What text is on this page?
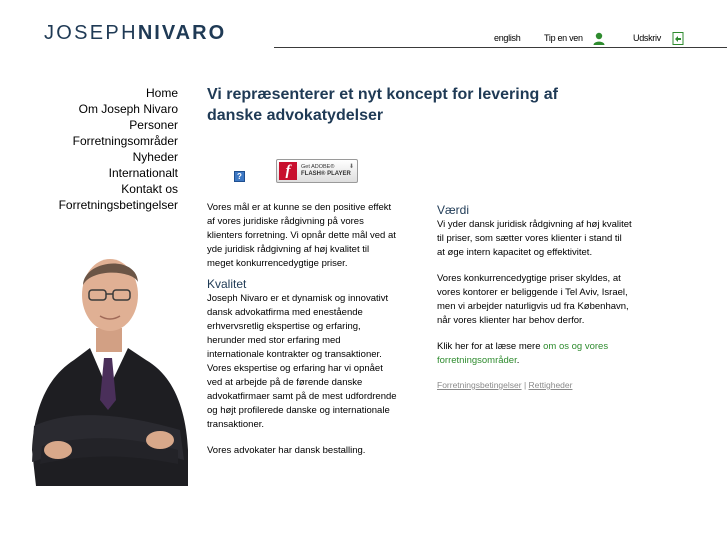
JOSEPHNIVARO	english	Tip en ven	Udskriv
Home
Om Joseph Nivaro
Personer
Forretningsområder
Nyheder
Internationalt
Kontakt os
Forretningsbetingelser
Vi repræsenterer et nyt koncept for levering af danske advokatydelser
?	f	Get ADOBE®
FLASH® PLAYER
⬇

Vores mål er at kunne se den positive effekt af vores juridiske rådgivning på vores klienters forretning. Vi opnår dette mål ved at yde juridisk rådgivning af høj kvalitet til meget konkurrencedygtige priser.

Kvalitet

Joseph Nivaro er et dynamisk og innovativt dansk advokatfirma med enestående erhvervsretlig ekspertise og erfaring, herunder med stor erfaring med internationale kontrakter og transaktioner. Vores ekspertise og erfaring har vi opnået ved at arbejde på de førende danske advokatfirmaer samt på de mest udfordrende og højt profilerede danske og internationale transaktioner.

Vores advokater har dansk bestalling.

Værdi

Vi yder dansk juridisk rådgivning af høj kvalitet til priser, som sætter vores klienter i stand til at øge intern kapacitet og effektivitet.

Vores konkurrencedygtige priser skyldes, at vores kontorer er beliggende i Tel Aviv, Israel, men vi arbejder naturligvis ud fra København, når vores klienter har behov derfor.

Klik her for at læse mere om os og vores forretningsområder.

Forretningsbetingelser | Rettigheder
